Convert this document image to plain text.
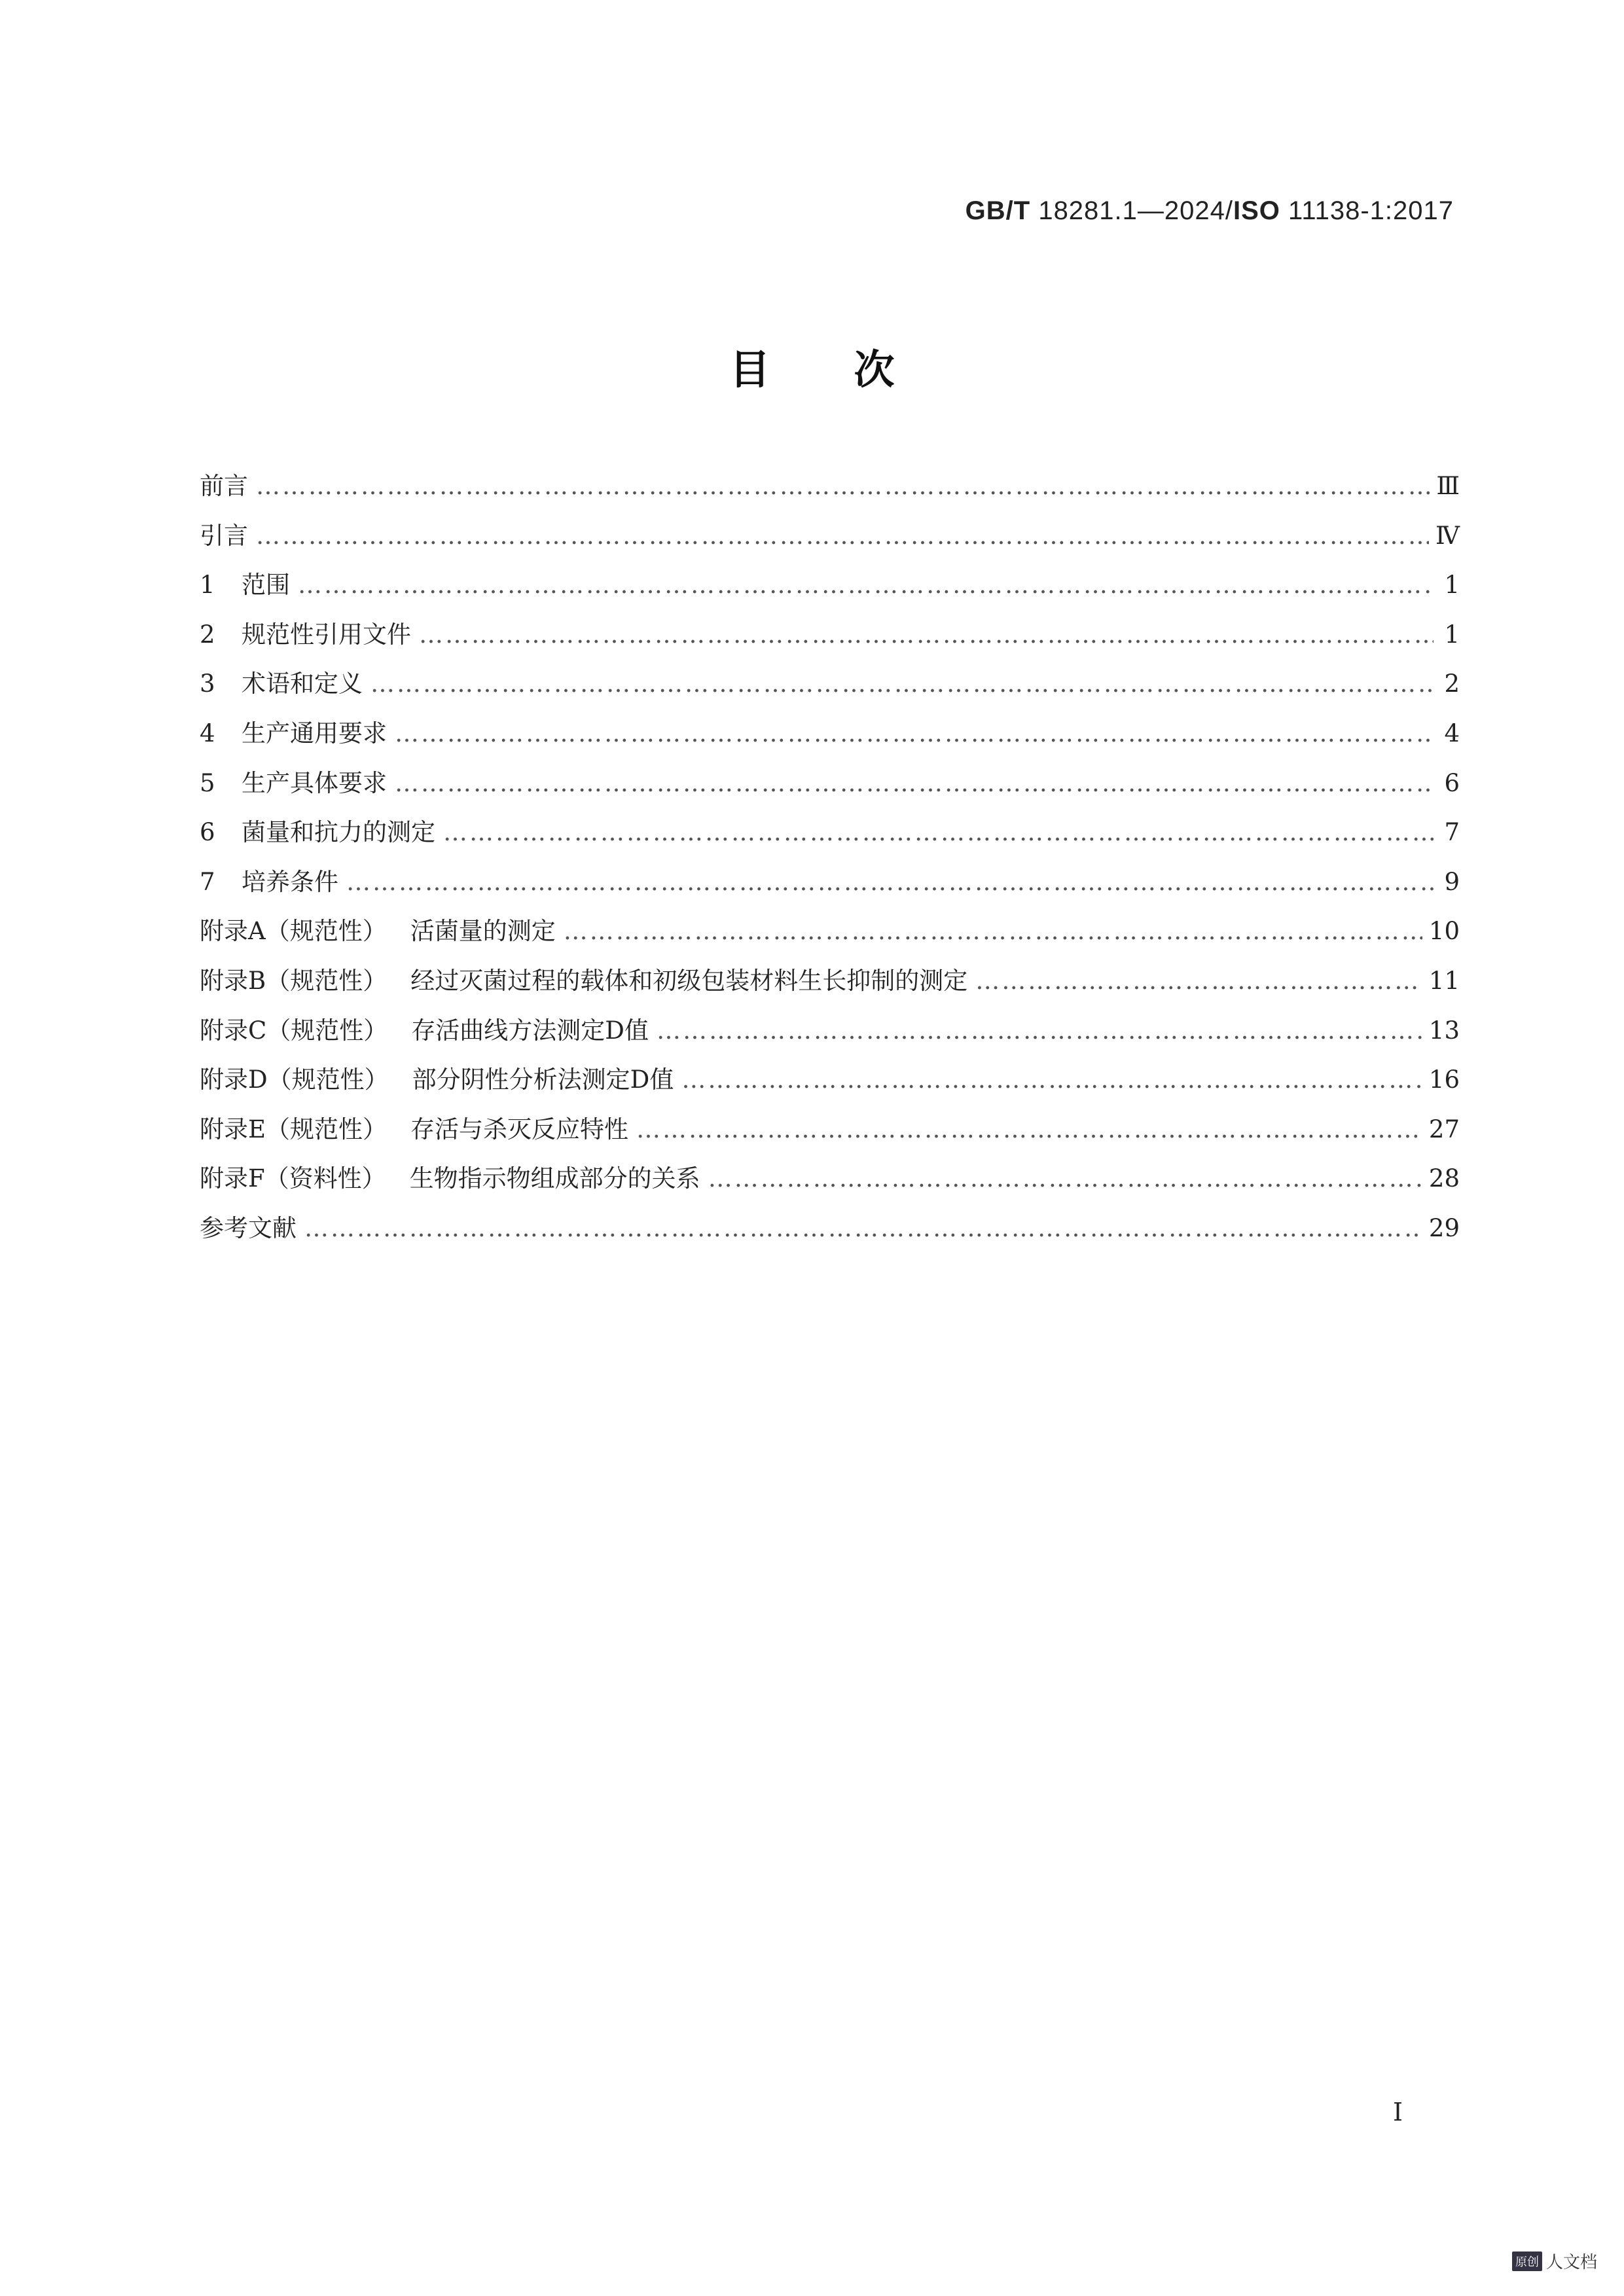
GB/T 18281.1—2024/ISO 11138-1:2017
目次
前言 …………………………………………………………………………………………………………………………………………………………………………………………………………………………	Ⅲ
引言 …………………………………………………………………………………………………………………………………………………………………………………………………………………………	Ⅳ
1 范围 …………………………………………………………………………………………………………………………………………………………………………………………………………………………	1
2 规范性引用文件 …………………………………………………………………………………………………………………………………………………………………………………………………………………………	1
3 术语和定义 …………………………………………………………………………………………………………………………………………………………………………………………………………………………	2
4 生产通用要求 …………………………………………………………………………………………………………………………………………………………………………………………………………………………	4
5 生产具体要求 …………………………………………………………………………………………………………………………………………………………………………………………………………………………	6
6 菌量和抗力的测定 …………………………………………………………………………………………………………………………………………………………………………………………………………………………	7
7 培养条件 …………………………………………………………………………………………………………………………………………………………………………………………………………………………	9
附录A（规范性） 活菌量的测定 …………………………………………………………………………………………………………………………………………………………………………………………………………………………	10
附录B（规范性） 经过灭菌过程的载体和初级包装材料生长抑制的测定 …………………………………………………………………………………………………………………………………………………………………………………………………………………………	11
附录C（规范性） 存活曲线方法测定D值 …………………………………………………………………………………………………………………………………………………………………………………………………………………………	13
附录D（规范性） 部分阴性分析法测定D值 …………………………………………………………………………………………………………………………………………………………………………………………………………………………	16
附录E（规范性） 存活与杀灭反应特性 …………………………………………………………………………………………………………………………………………………………………………………………………………………………	27
附录F（资料性） 生物指示物组成部分的关系 …………………………………………………………………………………………………………………………………………………………………………………………………………………………	28
参考文献 …………………………………………………………………………………………………………………………………………………………………………………………………………………………	29
I
原创 人文档
